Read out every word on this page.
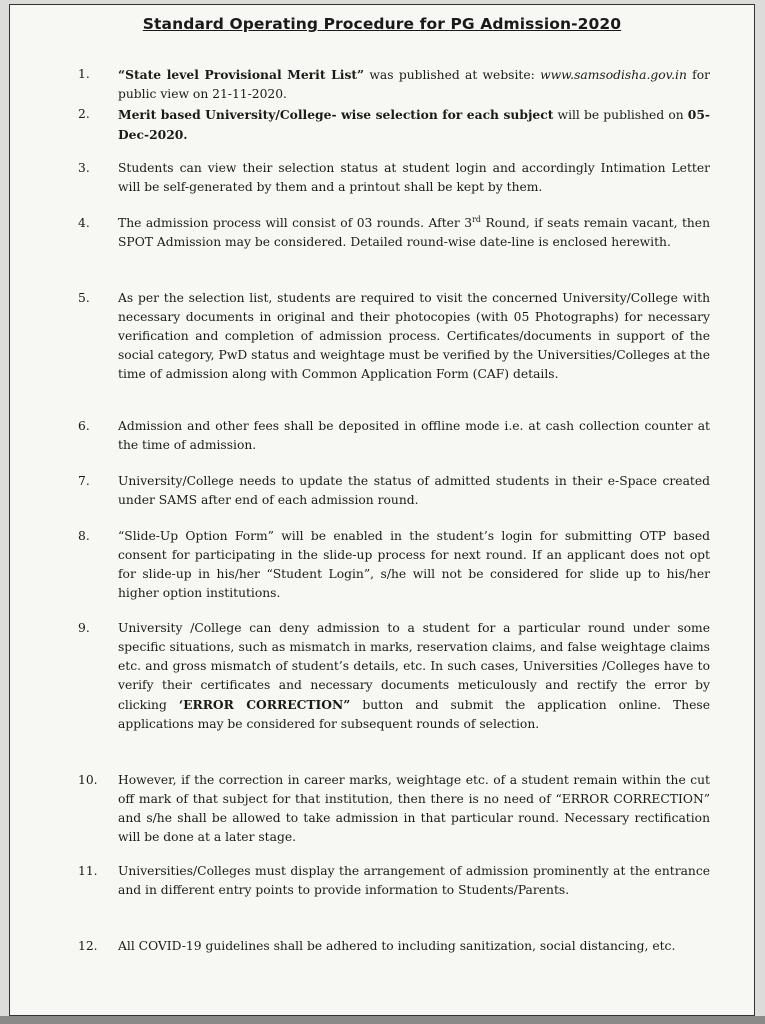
Standard Operating Procedure for PG Admission-2020
1.	“State level Provisional Merit List” was published at website: www.samsodisha.gov.in for public view on 21-11-2020.

2.	Merit based University/College- wise selection for each subject will be published on 05-Dec-2020.

3.	Students can view their selection status at student login and accordingly Intimation Letter will be self-generated by them and a printout shall be kept by them.

4.	The admission process will consist of 03 rounds. After 3rd Round, if seats remain vacant, then SPOT Admission may be considered. Detailed round-wise date-line is enclosed herewith.

5.	As per the selection list, students are required to visit the concerned University/College with necessary documents in original and their photocopies (with 05 Photographs) for necessary verification and completion of admission process. Certificates/documents in support of the social category, PwD status and weightage must be verified by the Universities/Colleges at the time of admission along with Common Application Form (CAF) details.

6.	Admission and other fees shall be deposited in offline mode i.e. at cash collection counter at the time of admission.

7.	University/College needs to update the status of admitted students in their e-Space created under SAMS after end of each admission round.

8.	“Slide-Up Option Form” will be enabled in the student’s login for submitting OTP based consent for participating in the slide-up process for next round. If an applicant does not opt for slide-up in his/her “Student Login”, s/he will not be considered for slide up to his/her higher option institutions.

9.	University /College can deny admission to a student for a particular round under some specific situations, such as mismatch in marks, reservation claims, and false weightage claims etc. and gross mismatch of student’s details, etc. In such cases, Universities /Colleges have to verify their certificates and necessary documents meticulously and rectify the error by clicking ‘ERROR CORRECTION” button and submit the application online. These applications may be considered for subsequent rounds of selection.

10.	However, if the correction in career marks, weightage etc. of a student remain within the cut off mark of that subject for that institution, then there is no need of “ERROR CORRECTION” and s/he shall be allowed to take admission in that particular round. Necessary rectification will be done at a later stage.

11.	Universities/Colleges must display the arrangement of admission prominently at the entrance and in different entry points to provide information to Students/Parents.

12.	All COVID-19 guidelines shall be adhered to including sanitization, social distancing, etc.
